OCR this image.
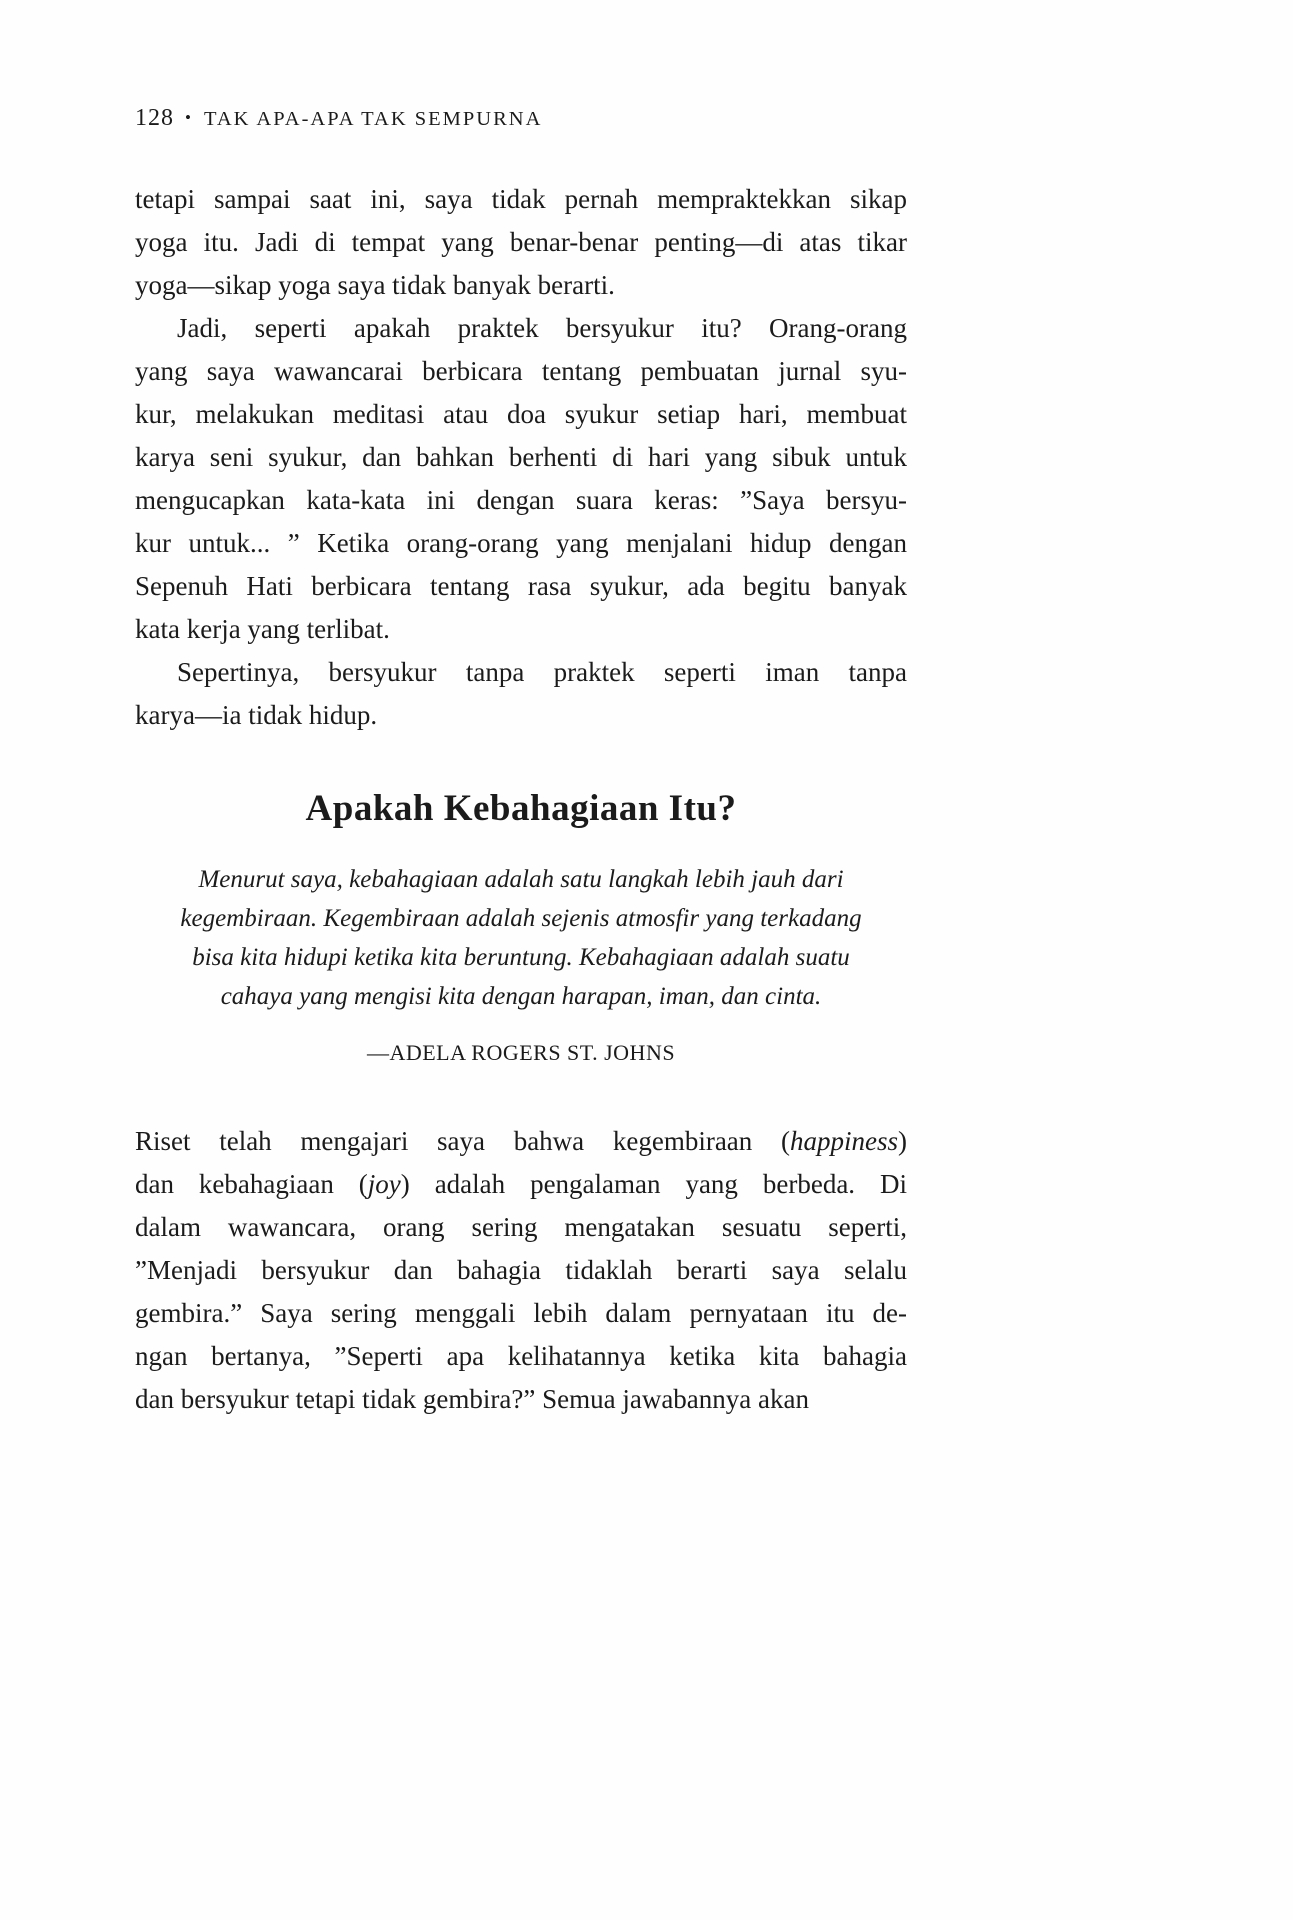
128 • TAK APA-APA TAK SEMPURNA
tetapi sampai saat ini, saya tidak pernah mempraktekkan sikap
yoga itu. Jadi di tempat yang benar-benar penting—di atas tikar
yoga—sikap yoga saya tidak banyak berarti.
Jadi, seperti apakah praktek bersyukur itu? Orang-orang
yang saya wawancarai berbicara tentang pembuatan jurnal syu-
kur, melakukan meditasi atau doa syukur setiap hari, membuat
karya seni syukur, dan bahkan berhenti di hari yang sibuk untuk
mengucapkan kata-kata ini dengan suara keras: ”Saya bersyu-
kur untuk... ” Ketika orang-orang yang menjalani hidup dengan
Sepenuh Hati berbicara tentang rasa syukur, ada begitu banyak
kata kerja yang terlibat.
Sepertinya, bersyukur tanpa praktek seperti iman tanpa
karya—ia tidak hidup.
Apakah Kebahagiaan Itu?
Menurut saya, kebahagiaan adalah satu langkah lebih jauh dari
kegembiraan. Kegembiraan adalah sejenis atmosfir yang terkadang
bisa kita hidupi ketika kita beruntung. Kebahagiaan adalah suatu
cahaya yang mengisi kita dengan harapan, iman, dan cinta.
—ADELA ROGERS ST. JOHNS
Riset telah mengajari saya bahwa kegembiraan (happiness)
dan kebahagiaan (joy) adalah pengalaman yang berbeda. Di
dalam wawancara, orang sering mengatakan sesuatu seperti,
”Menjadi bersyukur dan bahagia tidaklah berarti saya selalu
gembira.” Saya sering menggali lebih dalam pernyataan itu de-
ngan bertanya, ”Seperti apa kelihatannya ketika kita bahagia
dan bersyukur tetapi tidak gembira?” Semua jawabannya akan
